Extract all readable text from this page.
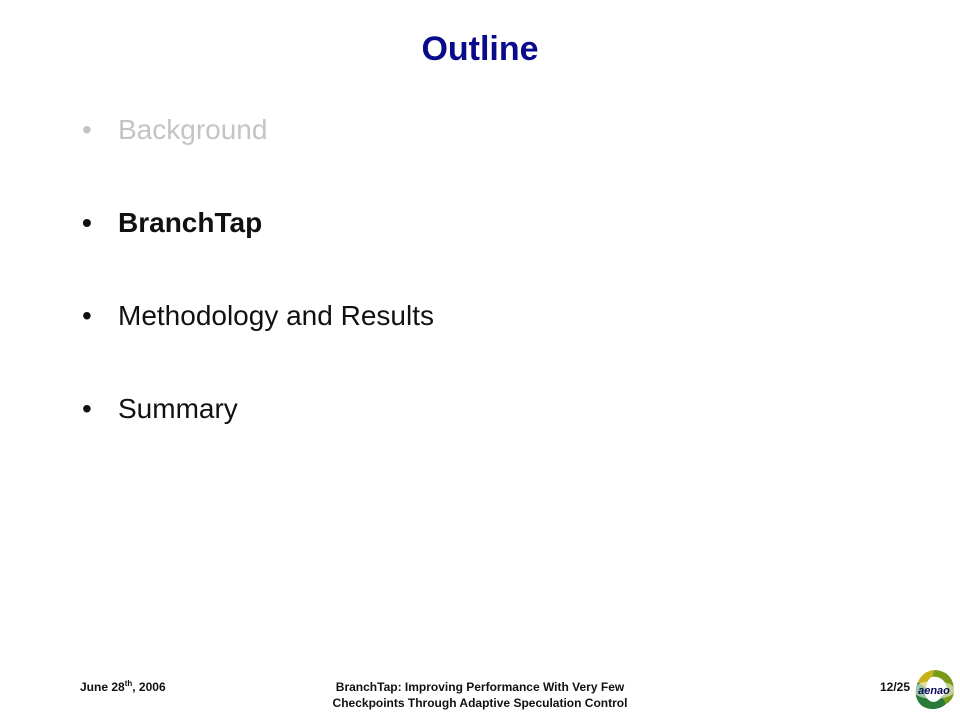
Outline
• Background
• BranchTap
• Methodology and Results
• Summary
June 28th, 2006	BranchTap: Improving Performance With Very Few
Checkpoints Through Adaptive Speculation Control
12/25 aenao
